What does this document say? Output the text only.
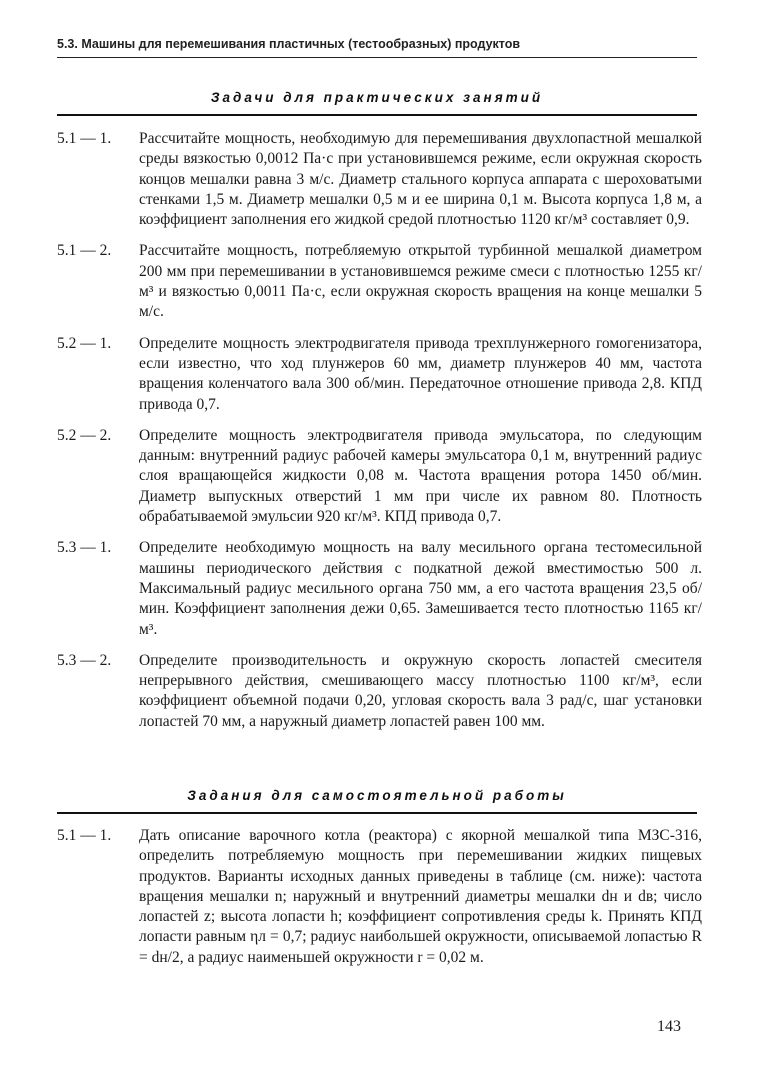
5.3. Машины для перемешивания пластичных (тестообразных) продуктов
Задачи для практических занятий
5.1 — 1.	Рассчитайте мощность, необходимую для перемешивания двухлопастной мешалкой среды вязкостью 0,0012 Па·с при установившемся режиме, если окружная скорость концов мешалки равна 3 м/с. Диаметр стального корпуса аппарата с шероховатыми стенками 1,5 м. Диаметр мешалки 0,5 м и ее ширина 0,1 м. Высота корпуса 1,8 м, а коэффициент заполнения его жидкой средой плотностью 1120 кг/м³ составляет 0,9.
5.1 — 2.	Рассчитайте мощность, потребляемую открытой турбинной мешалкой диаметром 200 мм при перемешивании в установившемся режиме смеси с плотностью 1255 кг/м³ и вязкостью 0,0011 Па·с, если окружная скорость вращения на конце мешалки 5 м/с.
5.2 — 1.	Определите мощность электродвигателя привода трехплунжерного гомогенизатора, если известно, что ход плунжеров 60 мм, диаметр плунжеров 40 мм, частота вращения коленчатого вала 300 об/мин. Передаточное отношение привода 2,8. КПД привода 0,7.
5.2 — 2.	Определите мощность электродвигателя привода эмульсатора, по следующим данным: внутренний радиус рабочей камеры эмульсатора 0,1 м, внутренний радиус слоя вращающейся жидкости 0,08 м. Частота вращения ротора 1450 об/мин. Диаметр выпускных отверстий 1 мм при числе их равном 80. Плотность обрабатываемой эмульсии 920 кг/м³. КПД привода 0,7.
5.3 — 1.	Определите необходимую мощность на валу месильного органа тестомесильной машины периодического действия с подкатной дежой вместимостью 500 л. Максимальный радиус месильного органа 750 мм, а его частота вращения 23,5 об/мин. Коэффициент заполнения дежи 0,65. Замешивается тесто плотностью 1165 кг/м³.
5.3 — 2.	Определите производительность и окружную скорость лопастей смесителя непрерывного действия, смешивающего массу плотностью 1100 кг/м³, если коэффициент объемной подачи 0,20, угловая скорость вала 3 рад/с, шаг установки лопастей 70 мм, а наружный диаметр лопастей равен 100 мм.
Задания для самостоятельной работы
5.1 — 1.	Дать описание варочного котла (реактора) с якорной мешалкой типа МЗС-316, определить потребляемую мощность при перемешивании жидких пищевых продуктов. Варианты исходных данных приведены в таблице (см. ниже): частота вращения мешалки n; наружный и внутренний диаметры мешалки dн и dв; число лопастей z; высота лопасти h; коэффициент сопротивления среды k. Принять КПД лопасти равным ηл = 0,7; радиус наибольшей окружности, описываемой лопастью R = dн/2, а радиус наименьшей окружности r = 0,02 м.
143
